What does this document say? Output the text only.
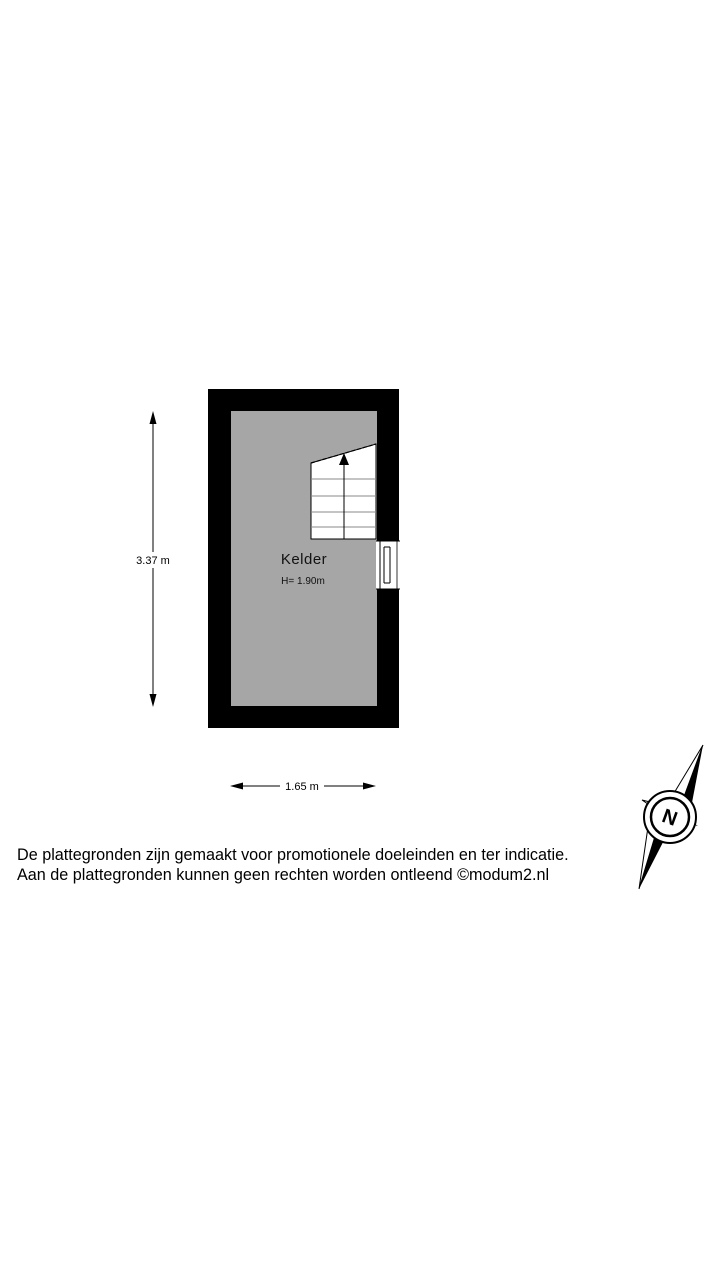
Kelder
H= 1.90m
3.37 m
1.65 m
N
De plattegronden zijn gemaakt voor promotionele doeleinden en ter indicatie.
Aan de plattegronden kunnen geen rechten worden ontleend ©modum2.nl
